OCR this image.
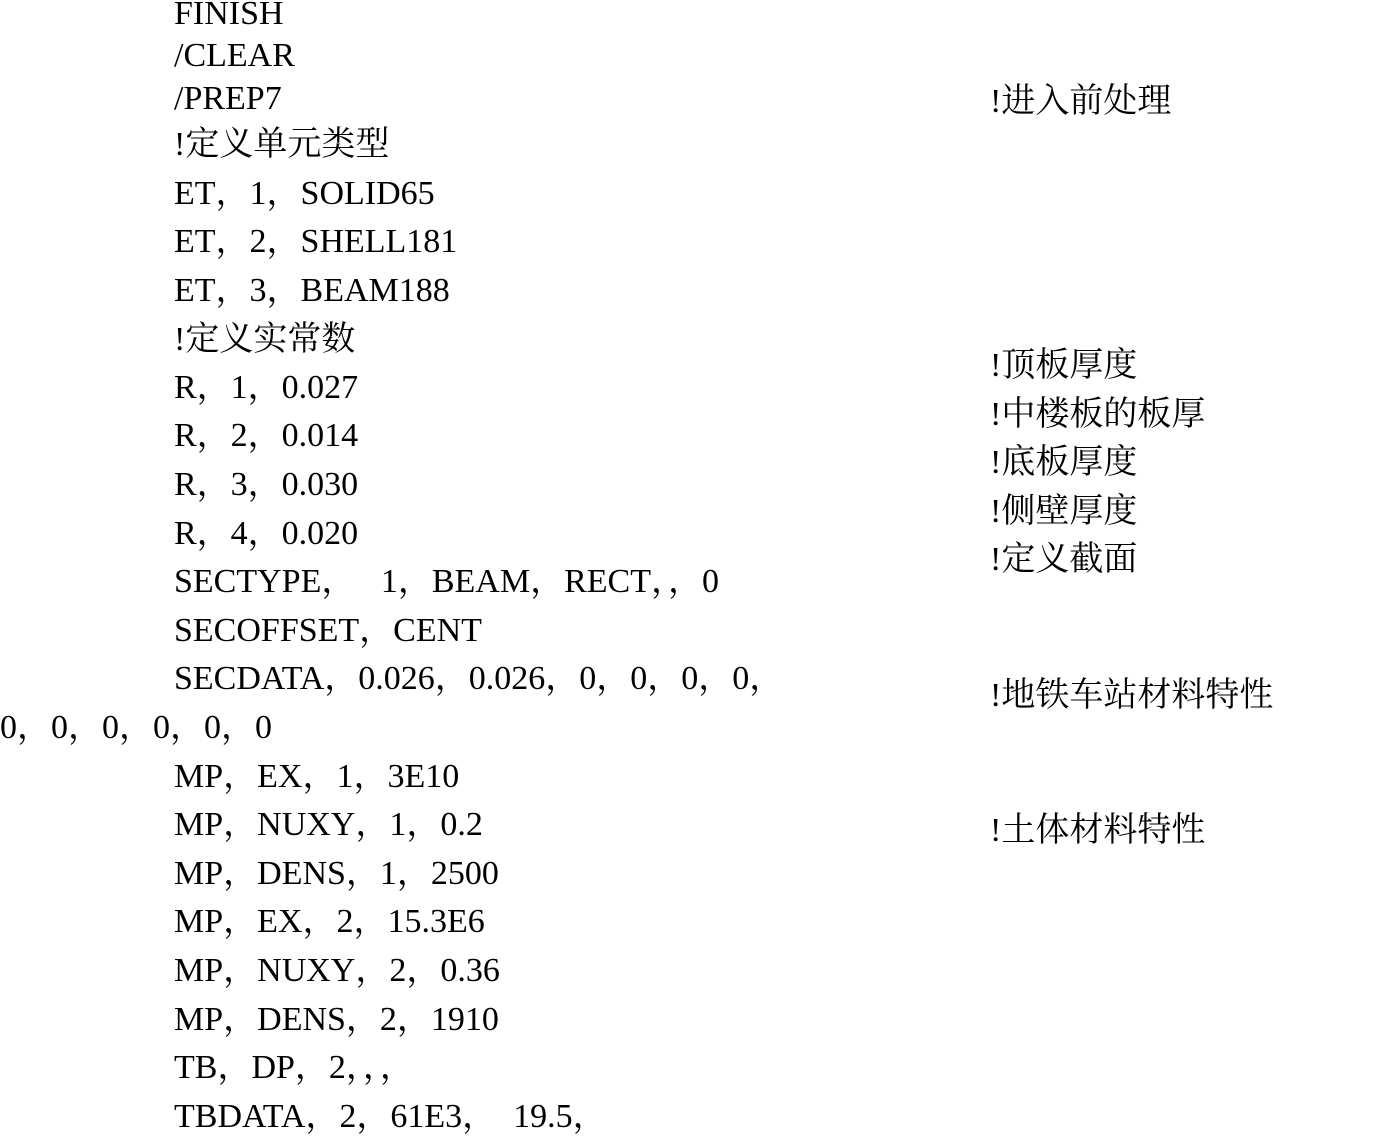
FINISH
/CLEAR
/PREP7
!定义单元类型
ET，1，SOLID65
ET，2，SHELL181
ET，3，BEAM188
!定义实常数
R，1，0.027
R，2，0.014
R，3，0.030
R，4，0.020
SECTYPE，   1，BEAM，RECT，，0
SECOFFSET，CENT
SECDATA，0.026，0.026，0，0，0，0，
0，0，0，0，0，0
MP，EX，1，3E10
MP，NUXY，1，0.2
MP，DENS，1，2500
MP，EX，2，15.3E6
MP，NUXY，2，0.36
MP，DENS，2，1910
TB，DP，2，，，
TBDATA，2，61E3，  19.5，
!进入前处理
!顶板厚度
!中楼板的板厚
!底板厚度
!侧壁厚度
!定义截面
!地铁车站材料特性
!土体材料特性
